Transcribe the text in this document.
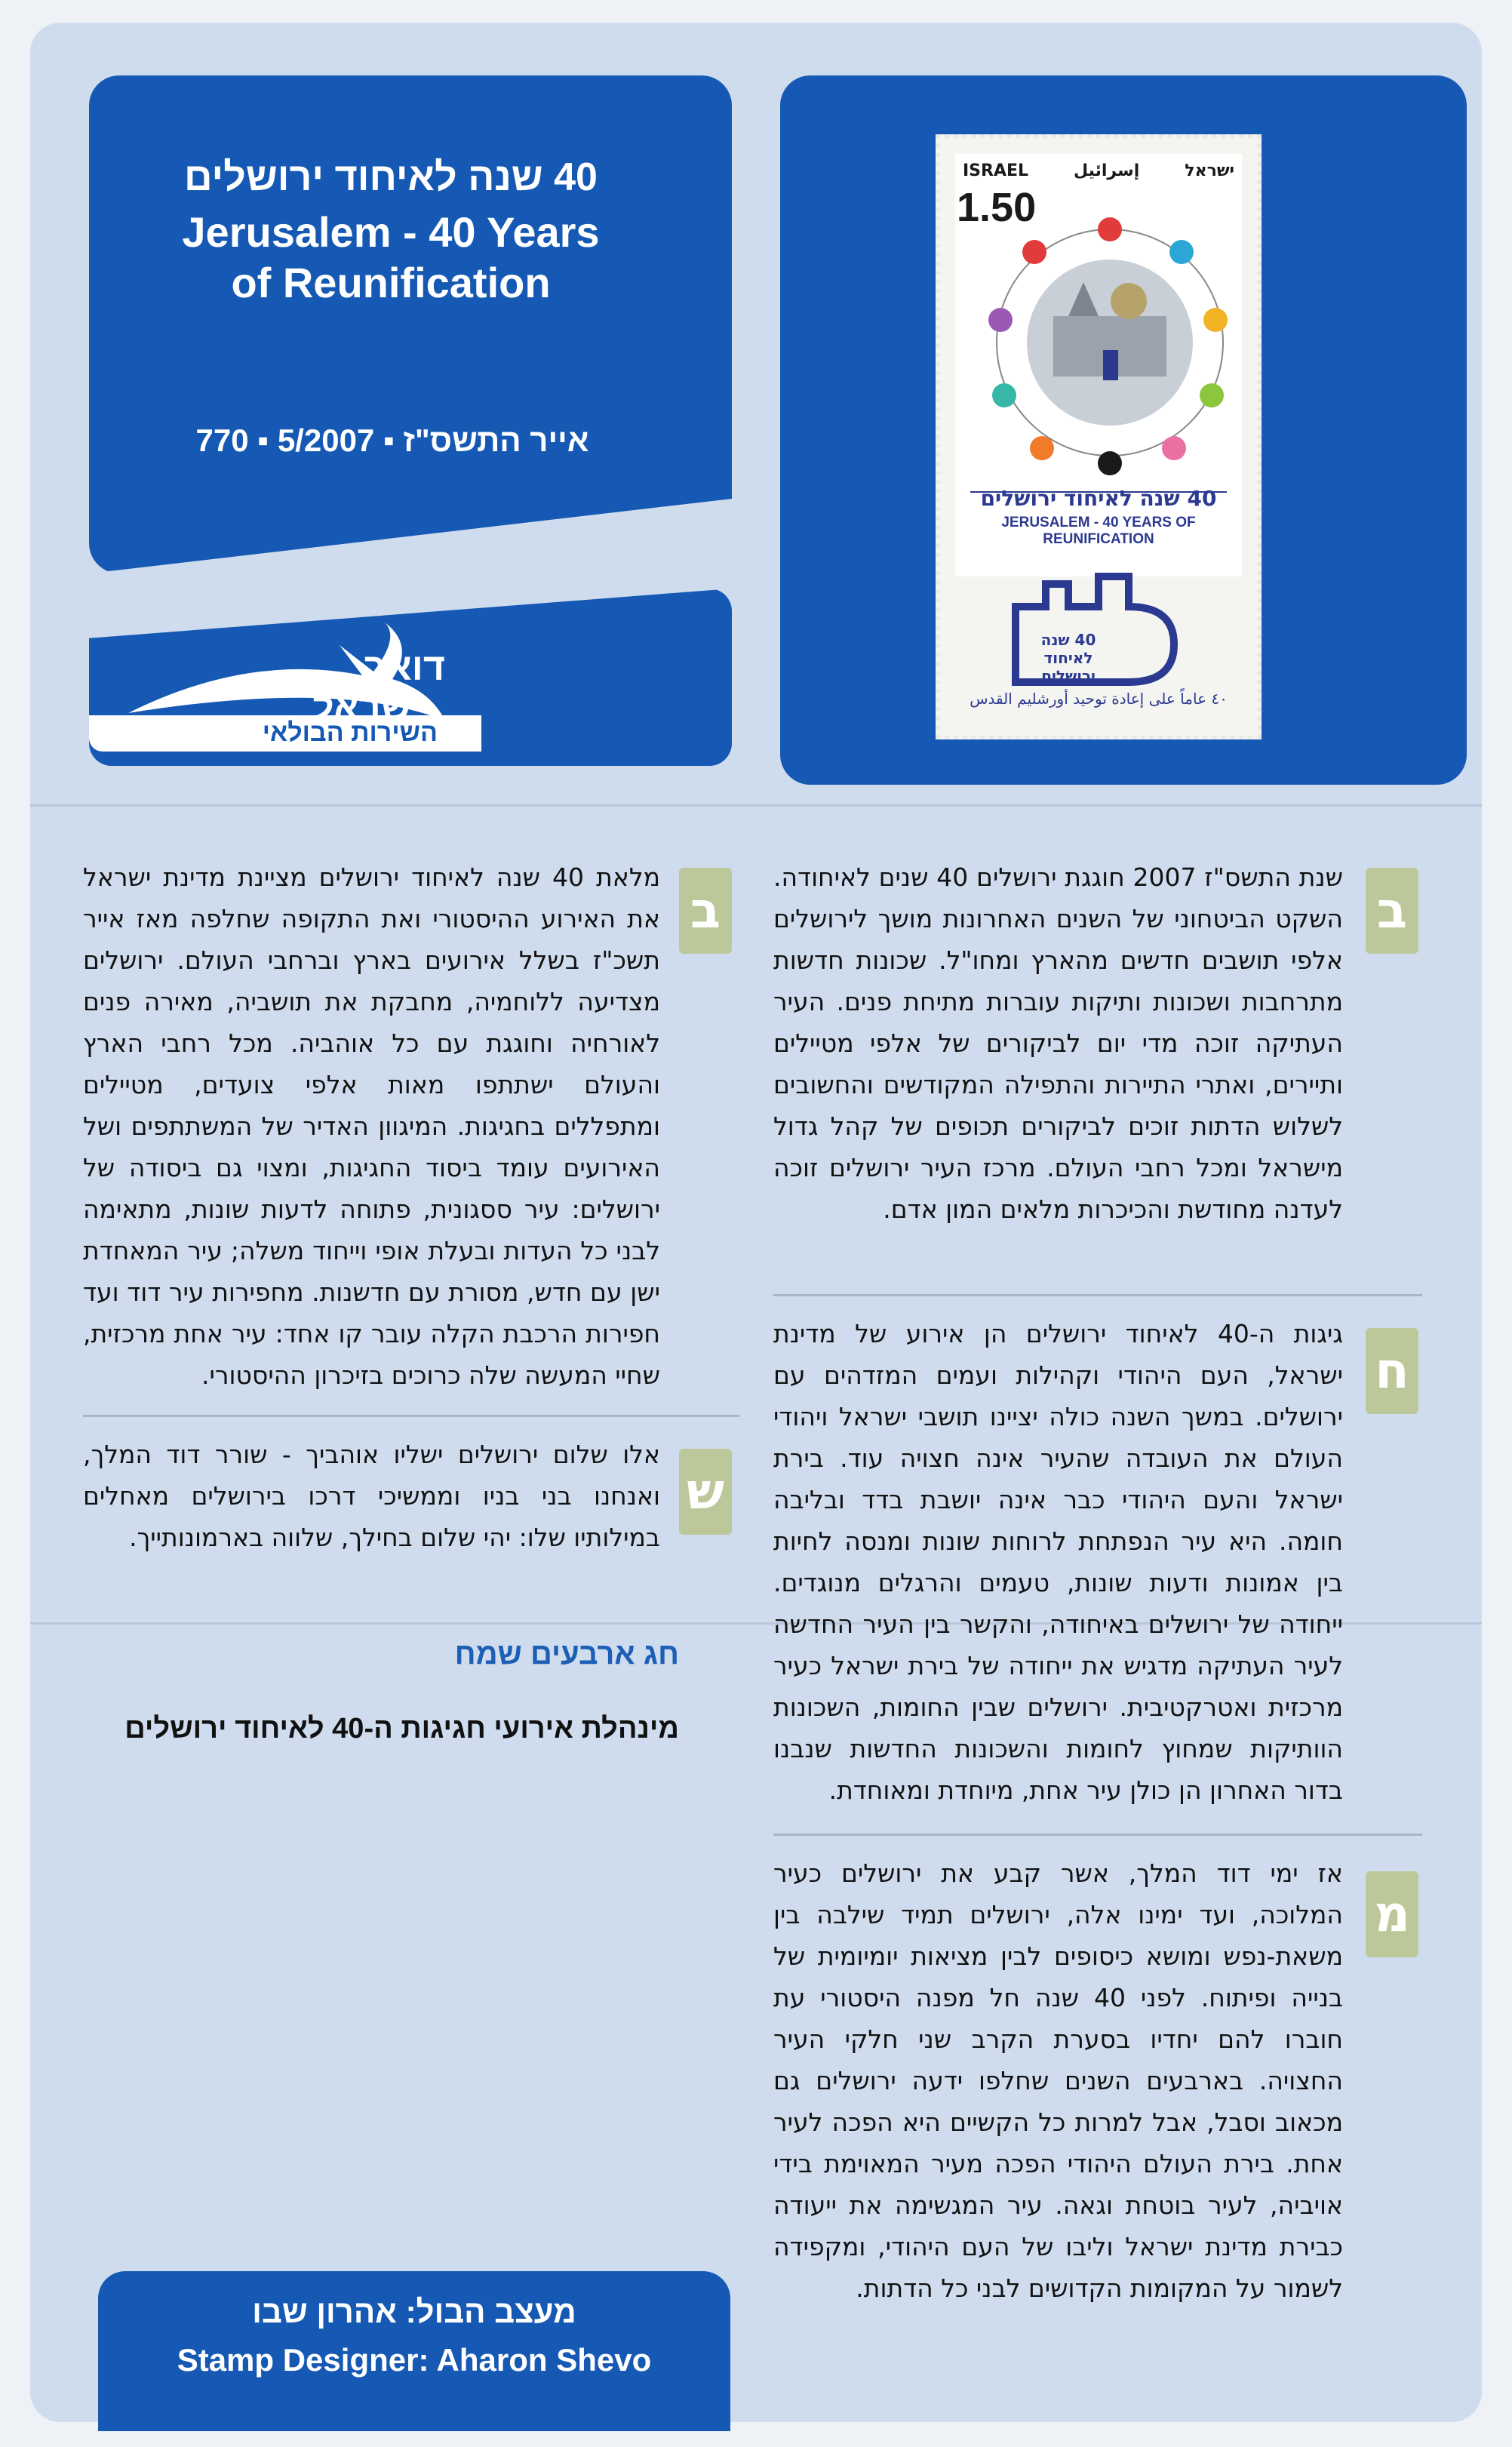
40 שנה לאיחוד ירושלים
Jerusalem - 40 Years
of Reunification
אייר התשס"ז ▪ 5/2007 ▪ 770
דואר
ישראל
השירות הבולאי
ISRAEL	إسرائيل	ישראל
1.50
40 שנה לאיחוד ירושלים
JERUSALEM - 40 YEARS OF REUNIFICATION
40 שנה לאיחוד ירושלים
٤٠ عاماً على إعادة توحيد أورشليم القدس
ב
שנת התשס"ז 2007 חוגגת ירושלים 40 שנים לאיחודה. השקט הביטחוני של השנים האחרונות מושך לירושלים אלפי תושבים חדשים מהארץ ומחו"ל. שכונות חדשות מתרחבות ושכונות ותיקות עוברות מתיחת פנים. העיר העתיקה זוכה מדי יום לביקורים של אלפי מטיילים ותיירים, ואתרי התיירות והתפילה המקודשים והחשובים לשלוש הדתות זוכים לביקורים תכופים של קהל גדול מישראל ומכל רחבי העולם. מרכז העיר ירושלים זוכה לעדנה מחודשת והכיכרות מלאים המון אדם.
ח
גיגות ה-40 לאיחוד ירושלים הן אירוע של מדינת ישראל, העם היהודי וקהילות ועמים המזדהים עם ירושלים. במשך השנה כולה יציינו תושבי ישראל ויהודי העולם את העובדה שהעיר אינה חצויה עוד. בירת ישראל והעם היהודי כבר אינה יושבת בדד ובליבה חומה. היא עיר הנפתחת לרוחות שונות ומנסה לחיות בין אמונות ודעות שונות, טעמים והרגלים מנוגדים. ייחודה של ירושלים באיחודה, והקשר בין העיר החדשה לעיר העתיקה מדגיש את ייחודה של בירת ישראל כעיר מרכזית ואטרקטיבית. ירושלים שבין החומות, השכונות הוותיקות שמחוץ לחומות והשכונות החדשות שנבנו בדור האחרון הן כולן עיר אחת, מיוחדת ומאוחדת.
מ
אז ימי דוד המלך, אשר קבע את ירושלים כעיר המלוכה, ועד ימינו אלה, ירושלים תמיד שילבה בין משאת-נפש ומושא כיסופים לבין מציאות יומיומית של בנייה ופיתוח. לפני 40 שנה חל מפנה היסטורי עת חוברו להם יחדיו בסערת הקרב שני חלקי העיר החצויה. בארבעים השנים שחלפו ידעה ירושלים גם מכאוב וסבל, אבל למרות כל הקשיים היא הפכה לעיר אחת. בירת העולם היהודי הפכה מעיר המאוימת בידי אויביה, לעיר בוטחת וגאה. עיר המגשימה את ייעודה כבירת מדינת ישראל וליבו של העם היהודי, ומקפידה לשמור על המקומות הקדושים לבני כל הדתות.
ב
מלאת 40 שנה לאיחוד ירושלים מציינת מדינת ישראל את האירוע ההיסטורי ואת התקופה שחלפה מאז אייר תשכ"ז בשלל אירועים בארץ וברחבי העולם. ירושלים מצדיעה ללוחמיה, מחבקת את תושביה, מאירה פנים לאורחיה וחוגגת עם כל אוהביה. מכל רחבי הארץ והעולם ישתתפו מאות אלפי צועדים, מטיילים ומתפללים בחגיגות. המיגוון האדיר של המשתתפים ושל האירועים עומד ביסוד החגיגות, ומצוי גם ביסודה של ירושלים: עיר ססגונית, פתוחה לדעות שונות, מתאימה לבני כל העדות ובעלת אופי וייחוד משלה; עיר המאחדת ישן עם חדש, מסורת עם חדשנות. מחפירות עיר דוד ועד חפירות הרכבת הקלה עובר קו אחד: עיר אחת מרכזית, שחיי המעשה שלה כרוכים בזיכרון ההיסטורי.
ש
אלו שלום ירושלים ישליו אוהביך - שורר דוד המלך, ואנחנו בני בניו וממשיכי דרכו בירושלים מאחלים במילותיו שלו: יהי שלום בחילך, שלווה בארמונותייך.
חג ארבעים שמח
מינהלת אירועי חגיגות ה-40 לאיחוד ירושלים
מעצב הבול: אהרון שבו
Stamp Designer: Aharon Shevo
